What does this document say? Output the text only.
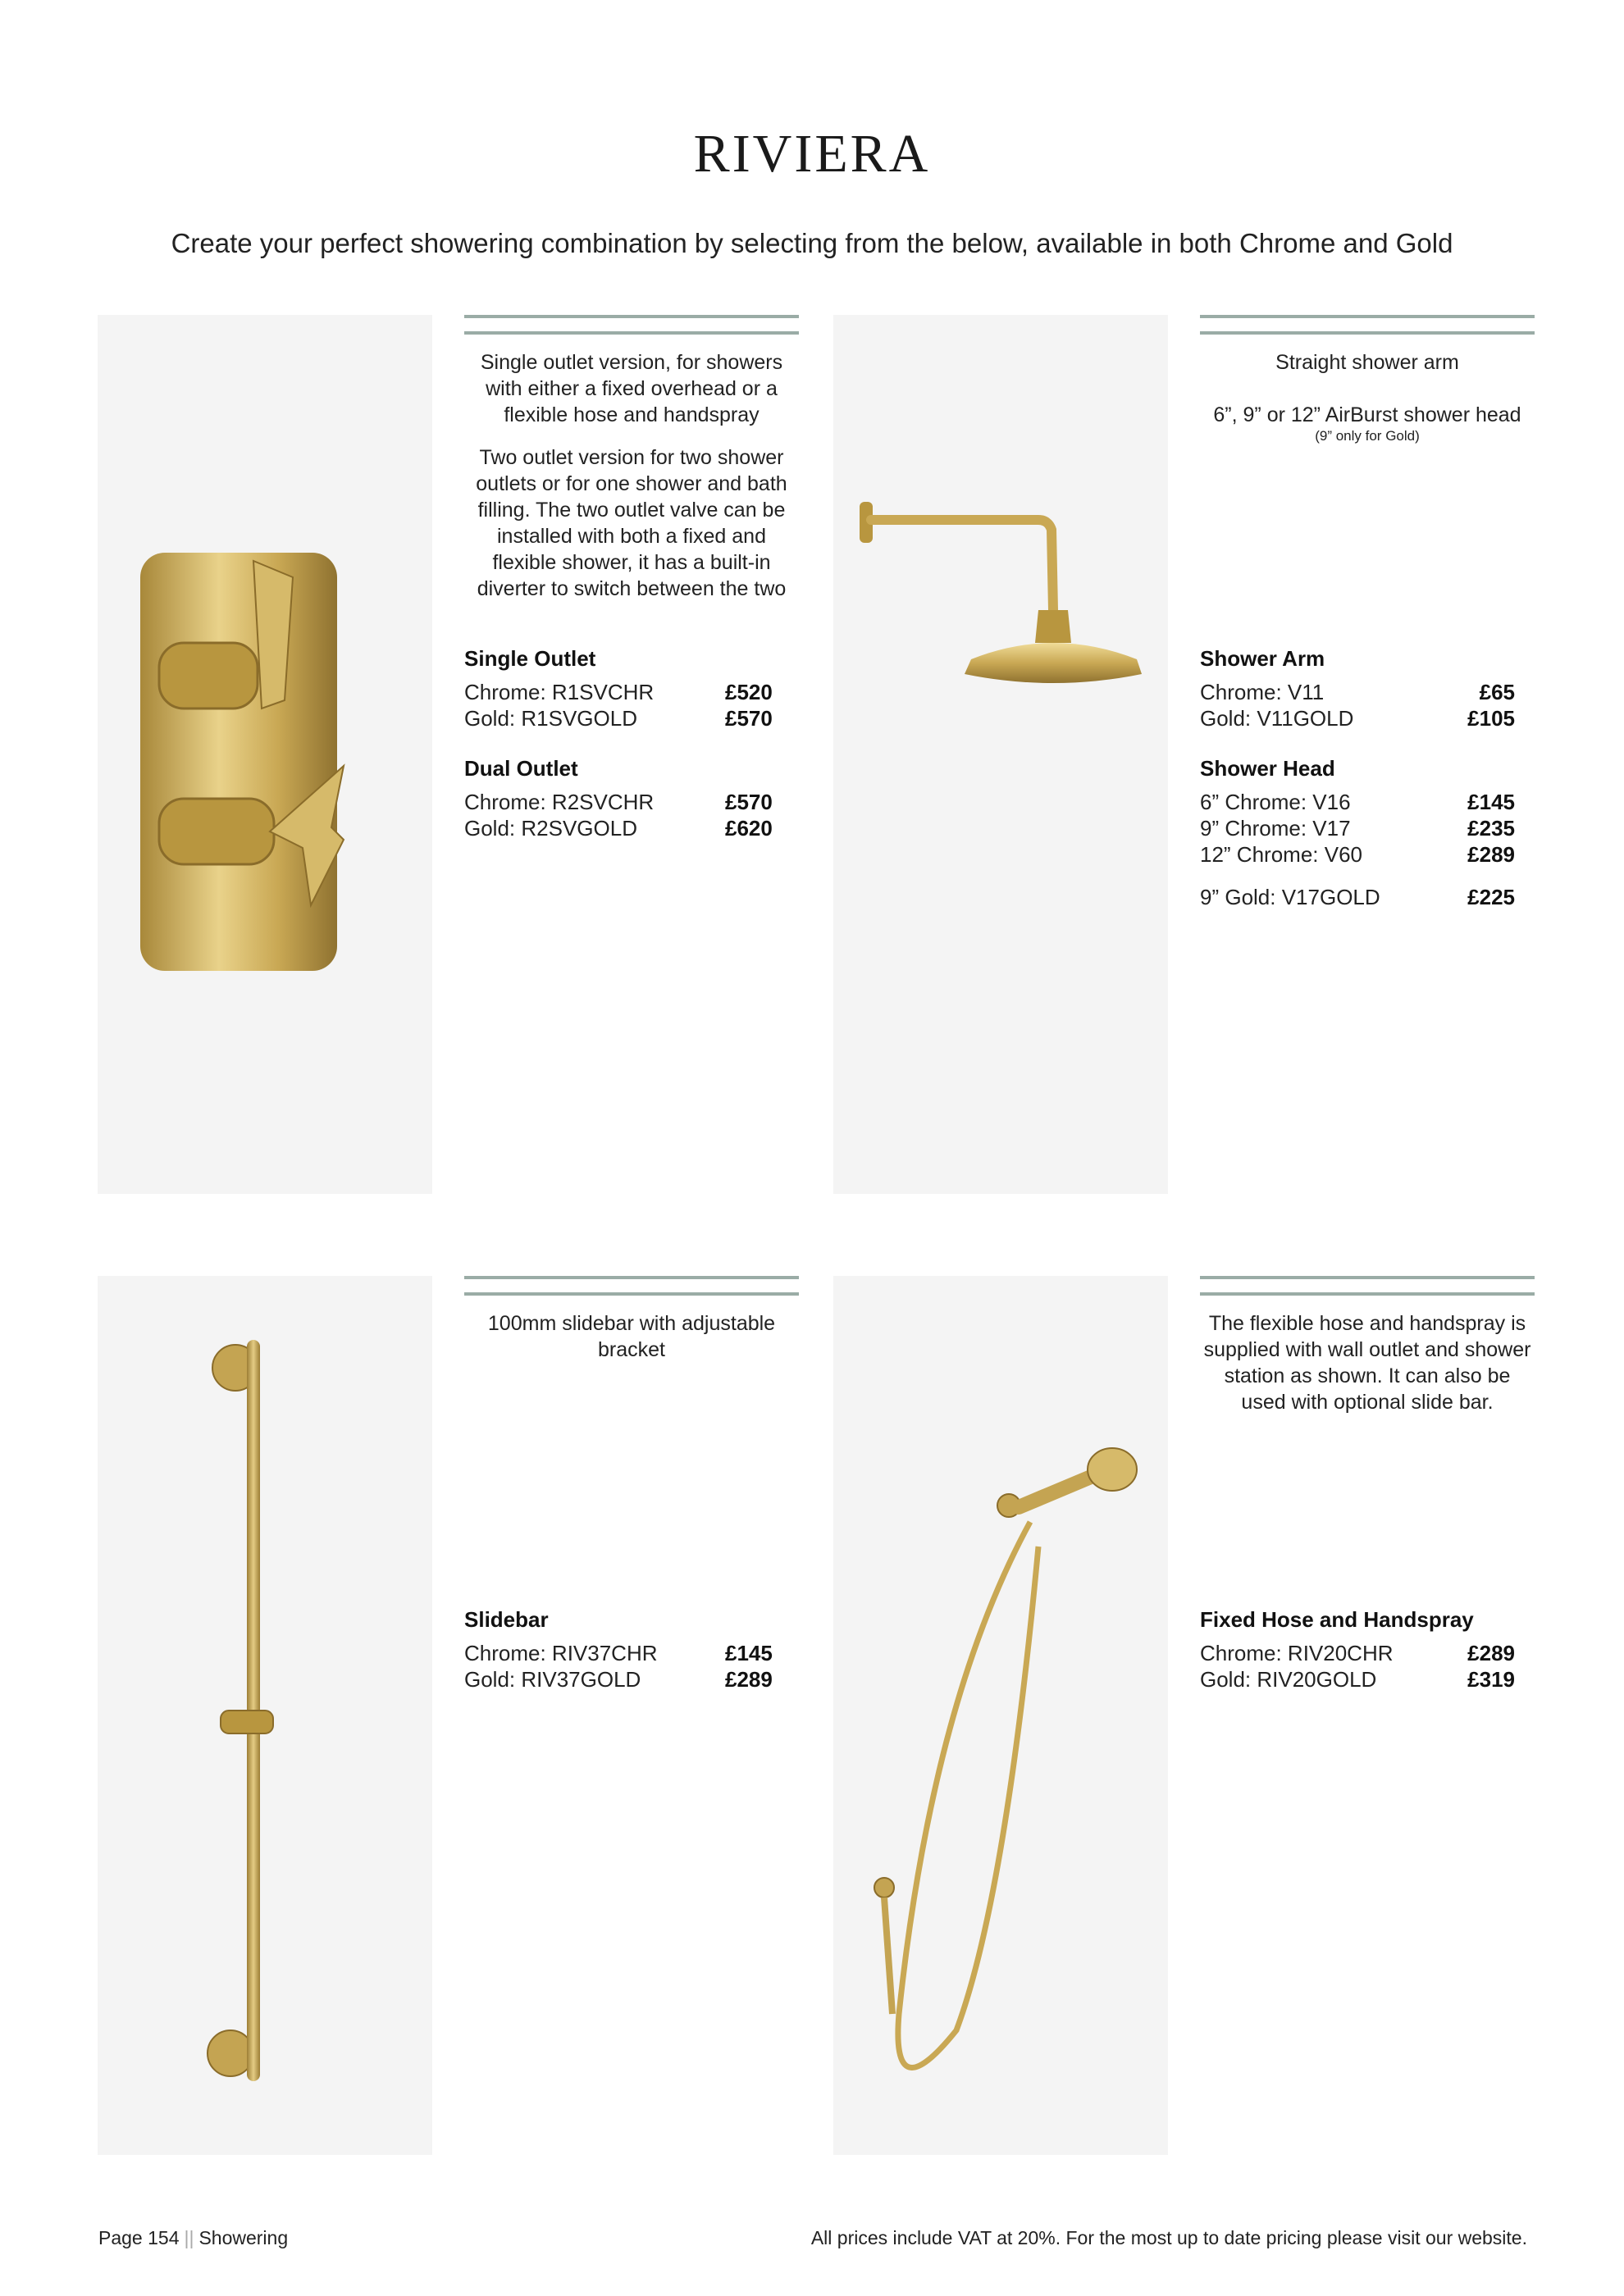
RIVIERA
Create your perfect showering combination by selecting from the below, available in both Chrome and Gold
Single outlet version, for showers with either a fixed overhead or a flexible hose and handspray
Two outlet version for two shower outlets or for one shower and bath filling. The two outlet valve can be installed with both a fixed and flexible shower, it has a built-in diverter to switch between the two
Single Outlet
Chrome: R1SVCHR	£520
Gold: R1SVGOLD	£570
Dual Outlet
Chrome: R2SVCHR	£570
Gold: R2SVGOLD	£620
Straight shower arm
6”, 9” or 12” AirBurst shower head
(9” only for Gold)
Shower Arm
Chrome: V11	£65
Gold: V11GOLD	£105
Shower Head
6” Chrome: V16	£145
9” Chrome: V17	£235
12” Chrome: V60	£289
9” Gold: V17GOLD	£225
100mm slidebar with adjustable bracket
Slidebar
Chrome: RIV37CHR	£145
Gold: RIV37GOLD	£289
The flexible hose and handspray is supplied with wall outlet and shower station as shown. It can also be used with optional slide bar.
Fixed Hose and Handspray
Chrome: RIV20CHR	£289
Gold: RIV20GOLD	£319
Page 154 || Showering	All prices include VAT at 20%. For the most up to date pricing please visit our website.
